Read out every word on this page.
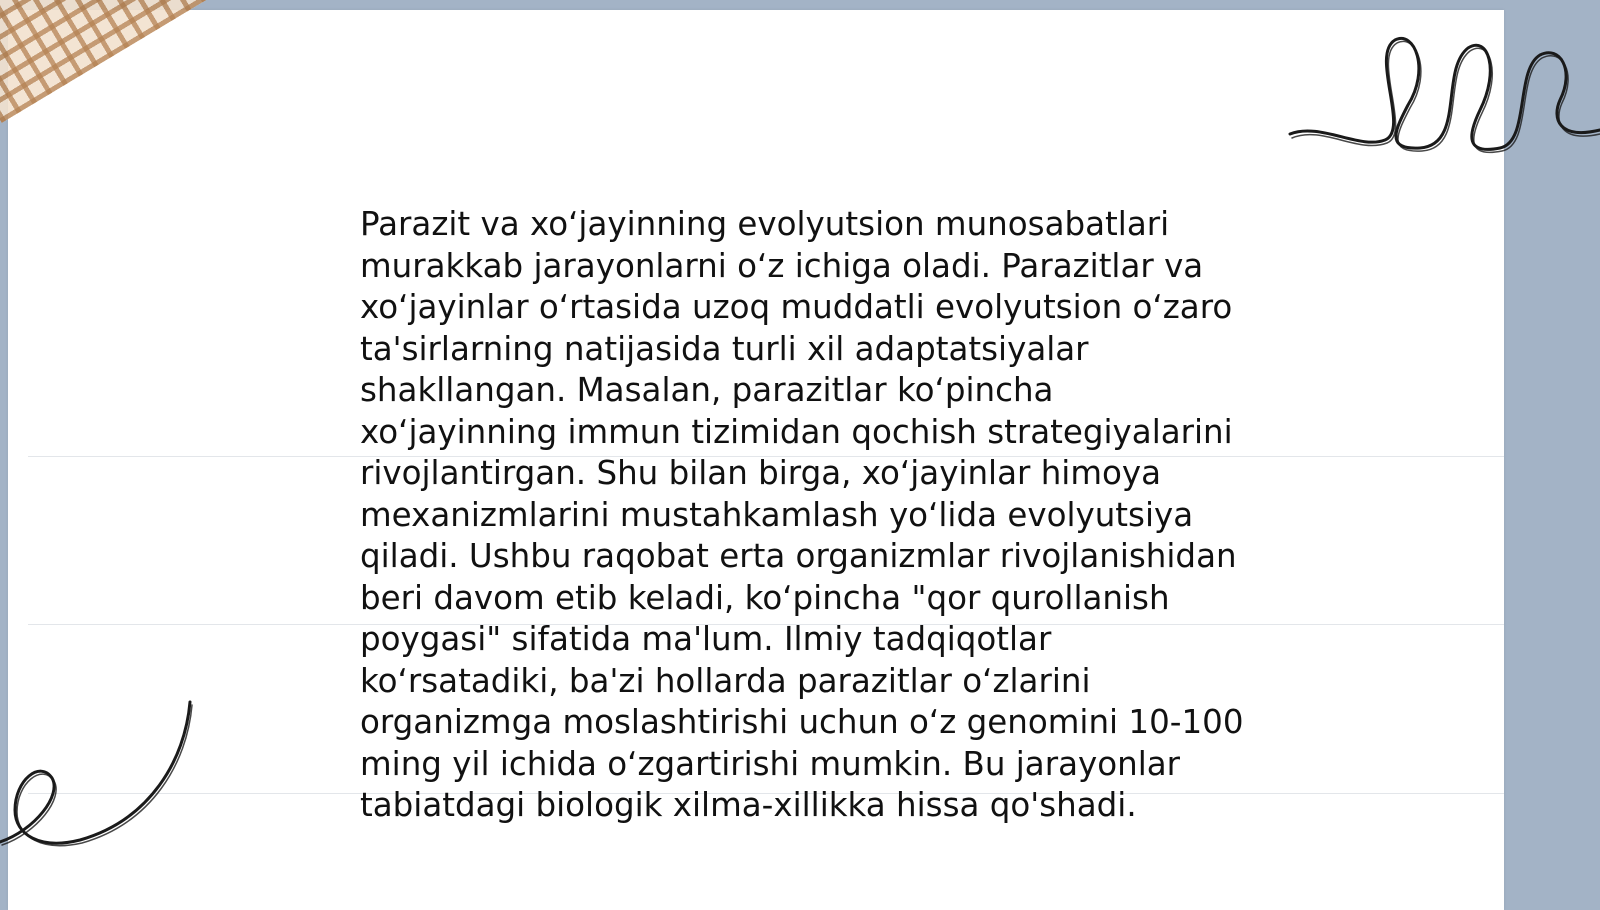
Parazit va xoʻjayinning evolyutsion munosabatlari
murakkab jarayonlarni oʻz ichiga oladi. Parazitlar va
xoʻjayinlar oʻrtasida uzoq muddatli evolyutsion oʻzaro
ta'sirlarning natijasida turli xil adaptatsiyalar
shakllangan. Masalan, parazitlar koʻpincha
xoʻjayinning immun tizimidan qochish strategiyalarini
rivojlantirgan. Shu bilan birga, xoʻjayinlar himoya
mexanizmlarini mustahkamlash yoʻlida evolyutsiya
qiladi. Ushbu raqobat erta organizmlar rivojlanishidan
beri davom etib keladi, koʻpincha "qor qurollanish
poygasi" sifatida ma'lum. Ilmiy tadqiqotlar
koʻrsatadiki, ba'zi hollarda parazitlar oʻzlarini
organizmga moslashtirishi uchun oʻz genomini 10-100
ming yil ichida oʻzgartirishi mumkin. Bu jarayonlar
tabiatdagi biologik xilma-xillikka hissa qo'shadi.
